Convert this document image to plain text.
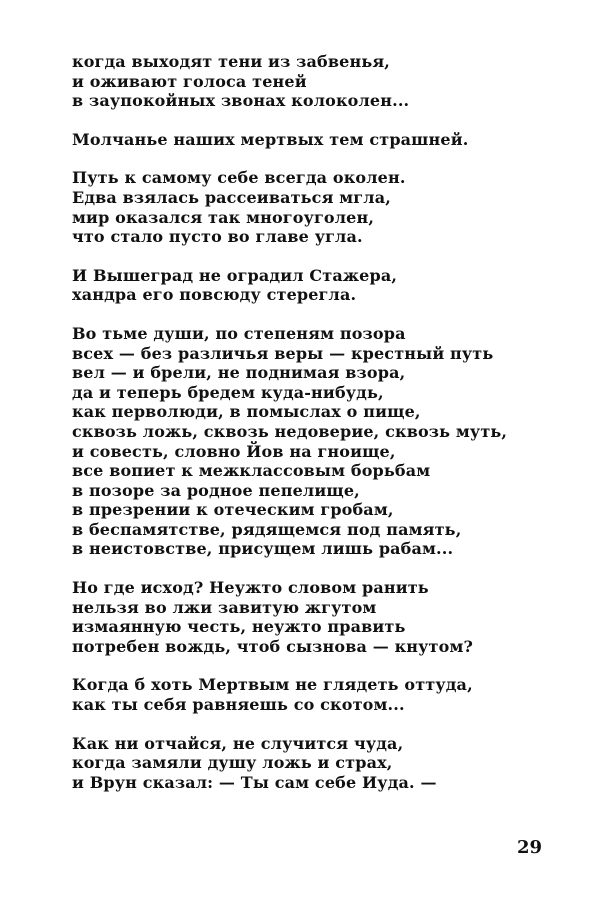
когда выходят тени из забвенья,
и оживают голоса теней
в заупокойных звонах колоколен...
Молчанье наших мертвых тем страшней.
Путь к самому себе всегда околен.
Едва взялась рассеиваться мгла,
мир оказался так многоуголен,
что стало пусто во главе угла.
И Вышеград не оградил Стажера,
хандра его повсюду стерегла.
Во тьме души, по степеням позора
всех — без различья веры — крестный путь
вел — и брели, не поднимая взора,
да и теперь бредем куда-нибудь,
как перволюди, в помыслах о пище,
сквозь ложь, сквозь недоверие, сквозь муть,
и совесть, словно Йов на гноище,
все вопиет к межклассовым борьбам
в позоре за родное пепелище,
в презрении к отеческим гробам,
в беспамятстве, рядящемся под память,
в неистовстве, присущем лишь рабам...
Но где исход? Неужто словом ранить
нельзя во лжи завитую жгутом
измаянную честь, неужто править
потребен вождь, чтоб сызнова — кнутом?
Когда б хоть Мертвым не глядеть оттуда,
как ты себя равняешь со скотом...
Как ни отчайся, не случится чуда,
когда замяли душу ложь и страх,
и Врун сказал: — Ты сам себе Иуда. —
29
